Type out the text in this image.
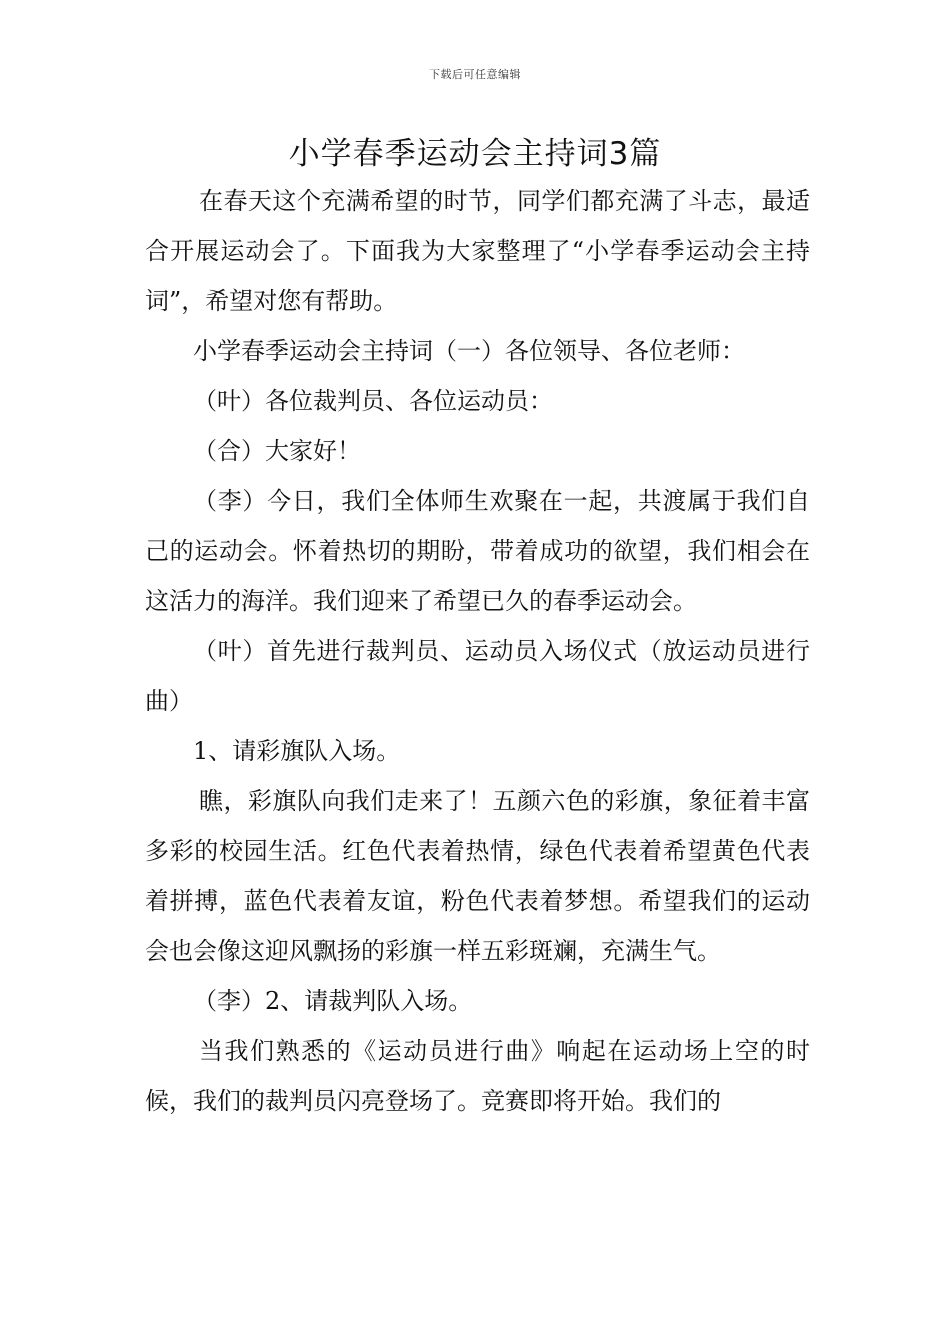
下载后可任意编辑
小学春季运动会主持词3篇

在春天这个充满希望的时节，同学们都充满了斗志，最适合开展运动会了。下面我为大家整理了“小学春季运动会主持词”，希望对您有帮助。

小学春季运动会主持词（一）各位领导、各位老师：

（叶）各位裁判员、各位运动员：

（合）大家好！

（李）今日，我们全体师生欢聚在一起，共渡属于我们自己的运动会。怀着热切的期盼，带着成功的欲望，我们相会在这活力的海洋。我们迎来了希望已久的春季运动会。

（叶）首先进行裁判员、运动员入场仪式（放运动员进行曲）

1、请彩旗队入场。

瞧，彩旗队向我们走来了！五颜六色的彩旗，象征着丰富多彩的校园生活。红色代表着热情，绿色代表着希望黄色代表着拼搏，蓝色代表着友谊，粉色代表着梦想。希望我们的运动会也会像这迎风飘扬的彩旗一样五彩斑斓，充满生气。

（李）2、请裁判队入场。

当我们熟悉的《运动员进行曲》响起在运动场上空的时候，我们的裁判员闪亮登场了。竞赛即将开始。我们的
